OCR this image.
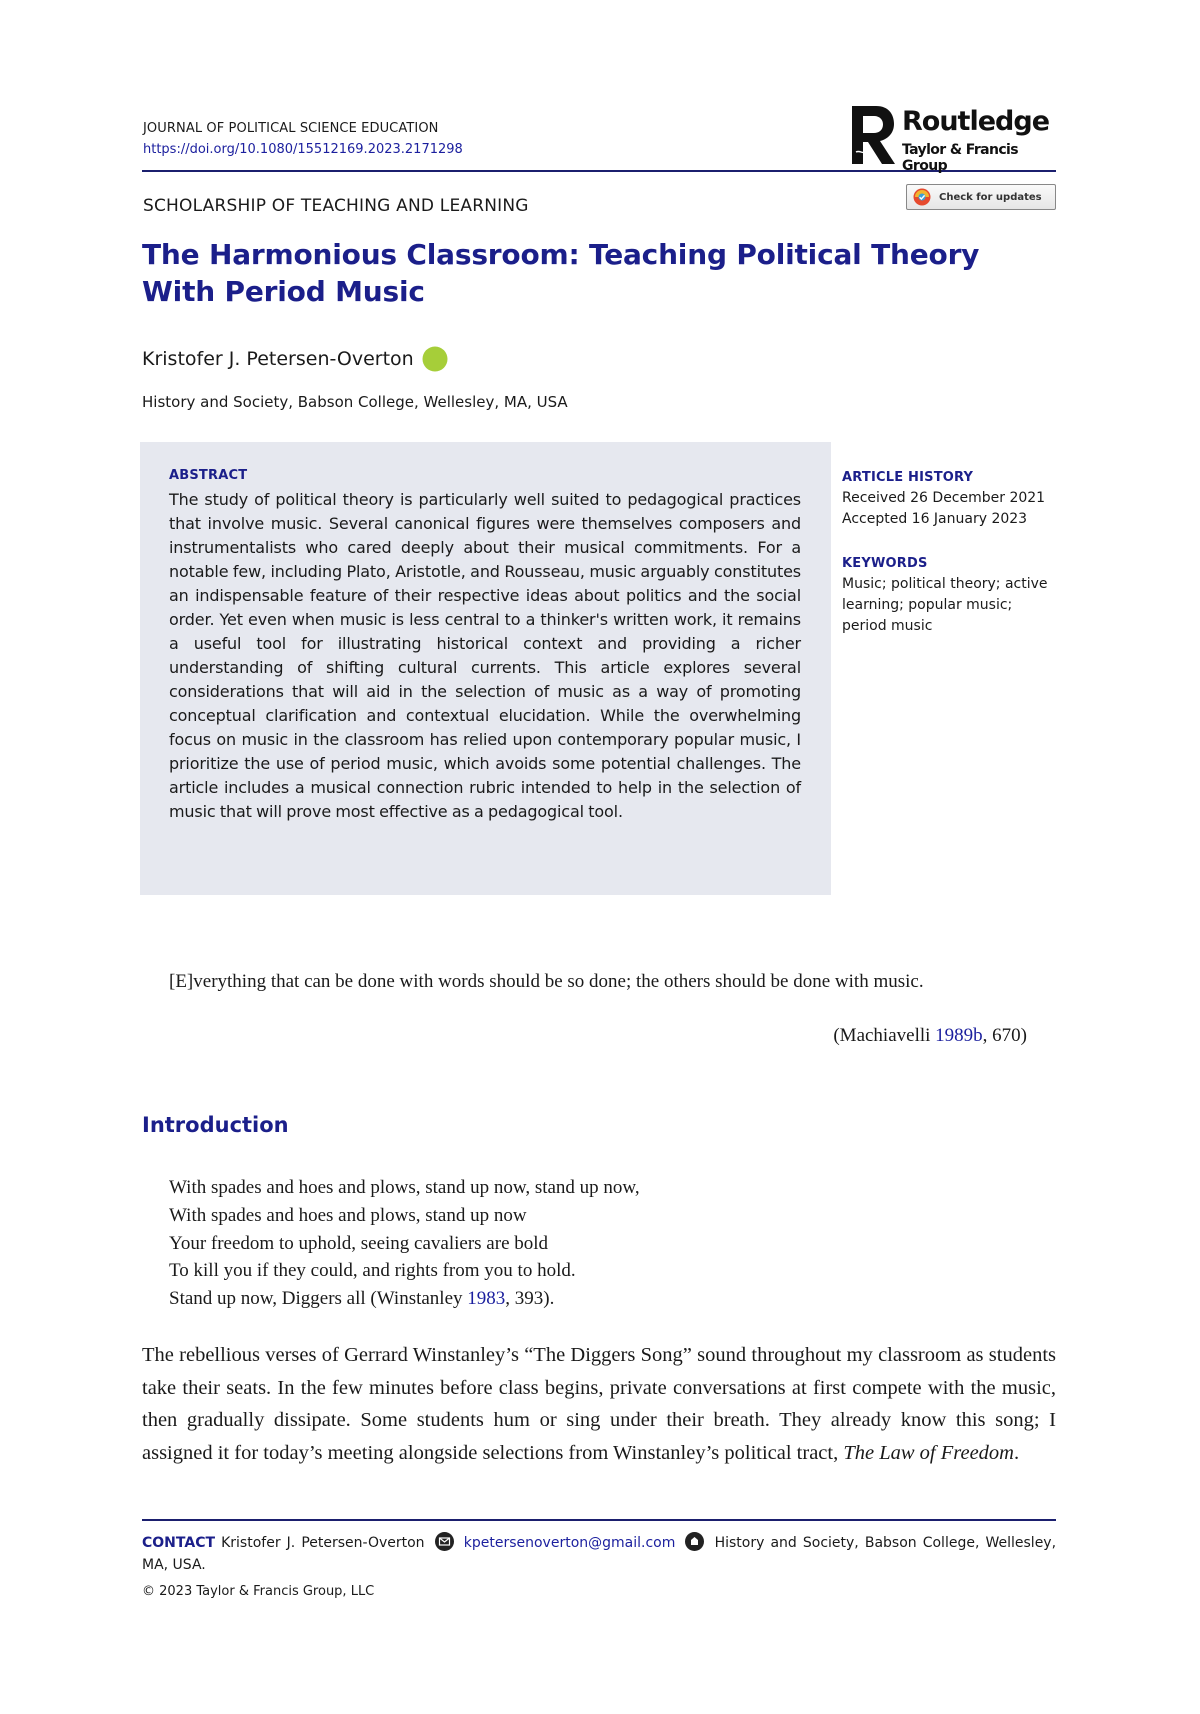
JOURNAL OF POLITICAL SCIENCE EDUCATION
https://doi.org/10.1080/15512169.2023.2171298
Routledge
Taylor & Francis Group
SCHOLARSHIP OF TEACHING AND LEARNING	Check for updates
The Harmonious Classroom: Teaching Political Theory With Period Music
Kristofer J. Petersen-Overton
History and Society, Babson College, Wellesley, MA, USA
ABSTRACT

The study of political theory is particularly well suited to pedagogical practices that involve music. Several canonical figures were themselves composers and instrumentalists who cared deeply about their musical commitments. For a notable few, including Plato, Aristotle, and Rousseau, music arguably constitutes an indispensable feature of their respective ideas about politics and the social order. Yet even when music is less central to a thinker's written work, it remains a useful tool for illustrating historical context and providing a richer understanding of shifting cultural currents. This article explores several considerations that will aid in the selection of music as a way of promoting conceptual clarification and contextual elucidation. While the overwhelming focus on music in the classroom has relied upon contemporary popular music, I prioritize the use of period music, which avoids some potential challenges. The article includes a musical connection rubric intended to help in the selection of music that will prove most effective as a pedagogical tool.

ARTICLE HISTORY
Received 26 December 2021
Accepted 16 January 2023
KEYWORDS
Music; political theory; active learning; popular music; period music

[E]verything that can be done with words should be so done; the others should be done with music.

(Machiavelli 1989b, 670)
Introduction
With spades and hoes and plows, stand up now, stand up now,
With spades and hoes and plows, stand up now
Your freedom to uphold, seeing cavaliers are bold
To kill you if they could, and rights from you to hold.
Stand up now, Diggers all (Winstanley 1983, 393).

The rebellious verses of Gerrard Winstanley’s “The Diggers Song” sound throughout my classroom as students take their seats. In the few minutes before class begins, private conversations at first compete with the music, then gradually dissipate. Some students hum or sing under their breath. They already know this song; I assigned it for today’s meeting alongside selections from Winstanley’s political tract, The Law of Freedom.

CONTACT Kristofer J. Petersen-Overton	kpetersenoverton@gmail.com	History and Society, Babson College, Wellesley, MA, USA.
© 2023 Taylor & Francis Group, LLC
